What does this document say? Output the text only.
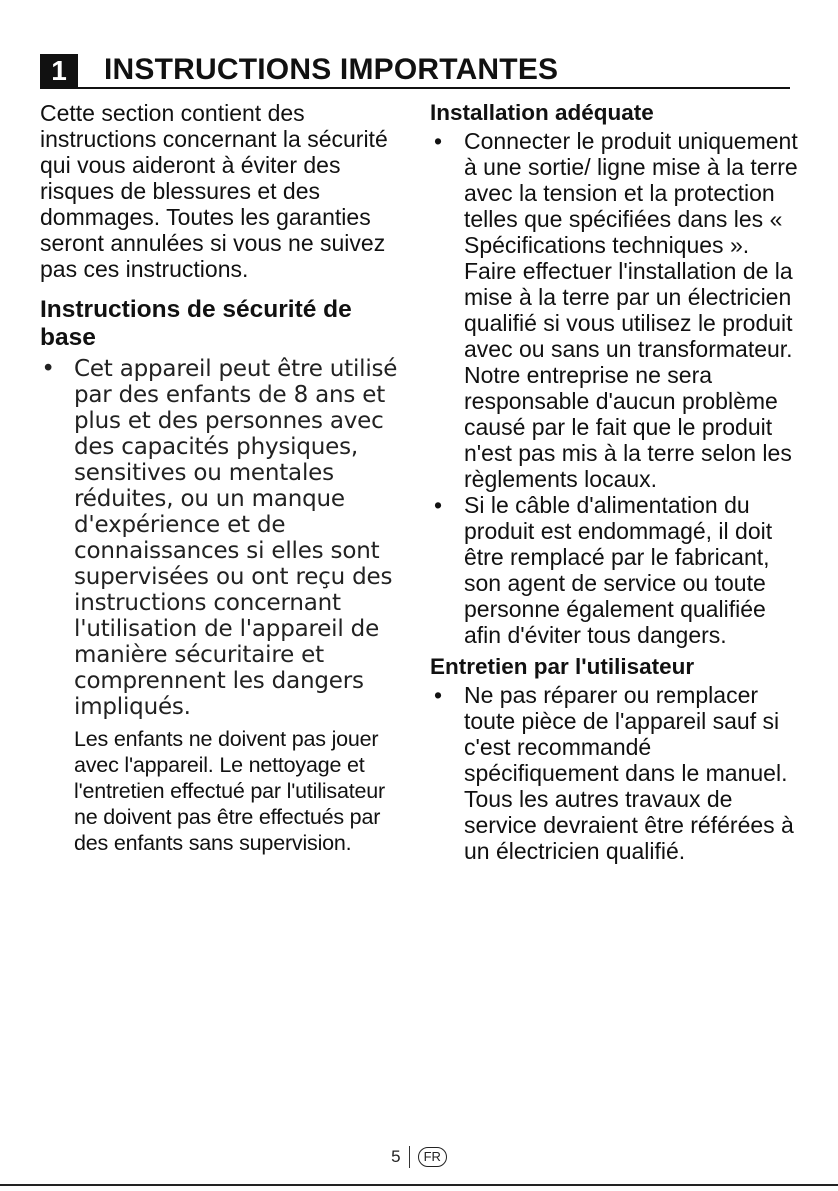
1	INSTRUCTIONS IMPORTANTES

Cette section contient des instructions concernant la sécurité qui vous aideront à éviter des risques de blessures et des dommages. Toutes les garanties seront annulées si vous ne suivez pas ces instructions.

Instructions de sécurité de base
• Cet appareil peut être utilisé par des enfants de 8 ans et plus et des personnes avec des capacités physiques, sensitives ou mentales réduites, ou un manque d'expérience et de connaissances si elles sont supervisées ou ont reçu des instructions concernant l'utilisation de l'appareil de manière sécuritaire et comprennent les dangers impliqués.
Les enfants ne doivent pas jouer avec l'appareil. Le nettoyage et l'entretien effectué par l'utilisateur ne doivent pas être effectués par des enfants sans supervision.
Installation adéquate
• Connecter le produit uniquement à une sortie/ ligne mise à la terre avec la tension et la protection telles que spécifiées dans les « Spécifications techniques ». Faire effectuer l'installation de la mise à la terre par un électricien qualifié si vous utilisez le produit avec ou sans un transformateur. Notre entreprise ne sera responsable d'aucun problème causé par le fait que le produit n'est pas mis à la terre selon les règlements locaux.
• Si le câble d'alimentation du produit est endommagé, il doit être remplacé par le fabricant, son agent de service ou toute personne également qualifiée afin d'éviter tous dangers.
Entretien par l'utilisateur
• Ne pas réparer ou remplacer toute pièce de l'appareil sauf si c'est recommandé spécifiquement dans le manuel. Tous les autres travaux de service devraient être référées à un électricien qualifié.
5 FR
